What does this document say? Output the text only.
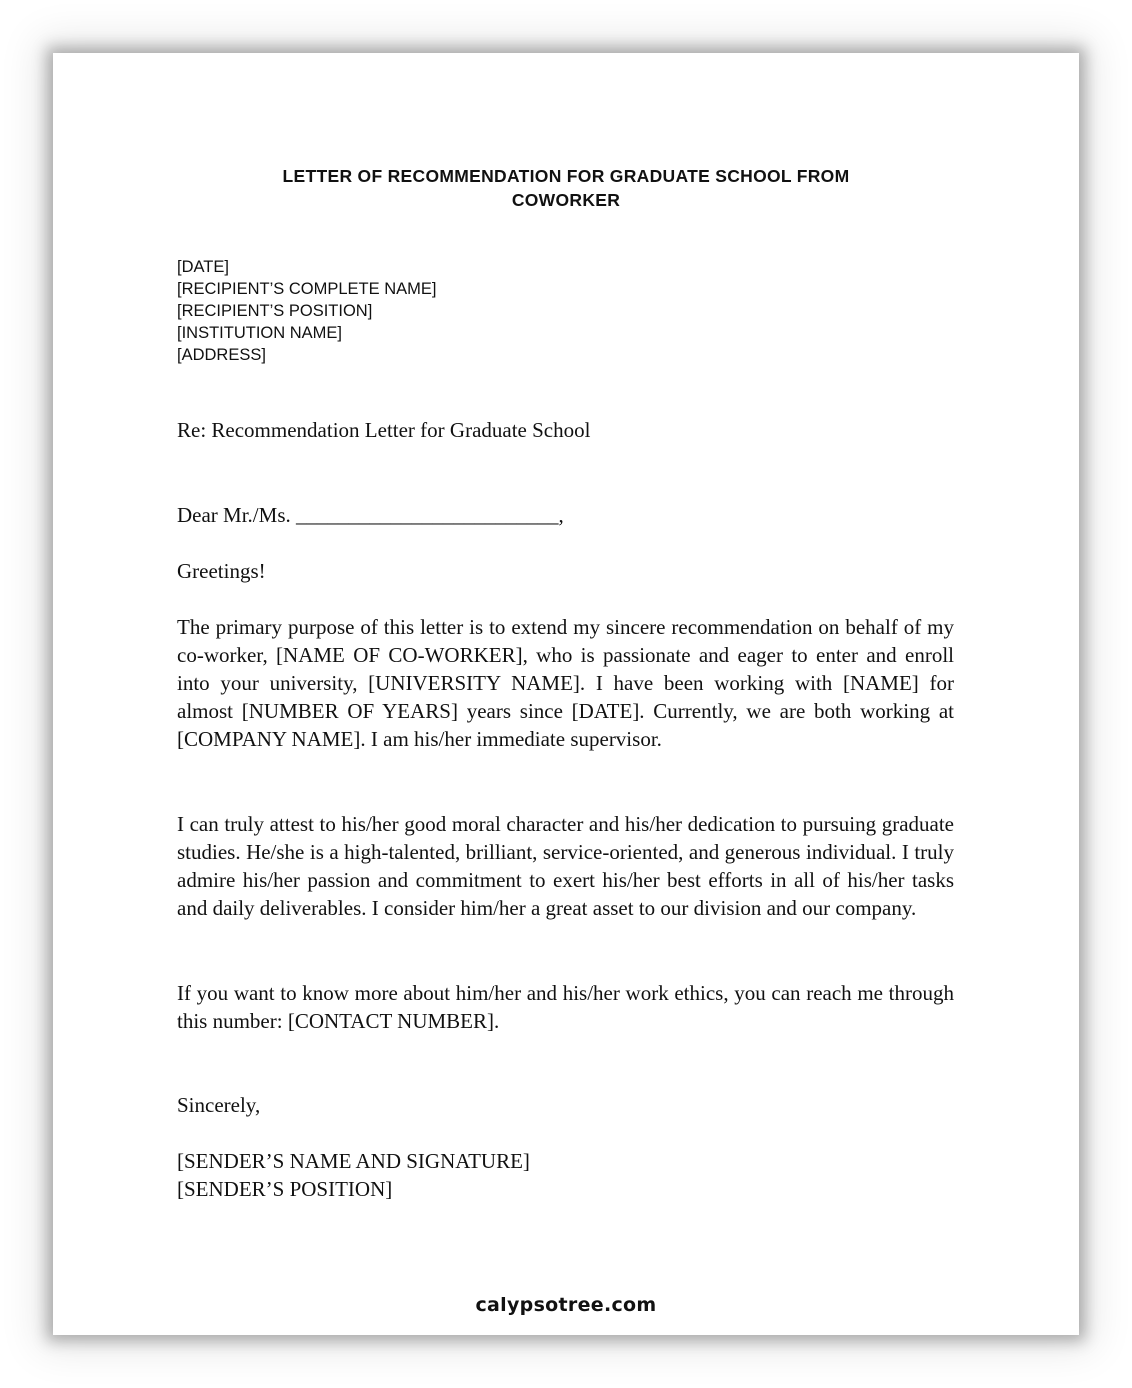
LETTER OF RECOMMENDATION FOR GRADUATE SCHOOL FROM
COWORKER
[DATE]
[RECIPIENT’S COMPLETE NAME]
[RECIPIENT’S POSITION]
[INSTITUTION NAME]
[ADDRESS]
Re: Recommendation Letter for Graduate School
Dear Mr./Ms. _________________________,
Greetings!
The primary purpose of this letter is to extend my sincere recommendation on behalf of my co-worker, [NAME OF CO-WORKER], who is passionate and eager to enter and enroll into your university, [UNIVERSITY NAME]. I have been working with [NAME] for almost [NUMBER OF YEARS] years since [DATE]. Currently, we are both working at [COMPANY NAME]. I am his/her immediate supervisor.
I can truly attest to his/her good moral character and his/her dedication to pursuing graduate studies. He/she is a high-talented, brilliant, service-oriented, and generous individual. I truly admire his/her passion and commitment to exert his/her best efforts in all of his/her tasks and daily deliverables. I consider him/her a great asset to our division and our company.
If you want to know more about him/her and his/her work ethics, you can reach me through this number: [CONTACT NUMBER].
Sincerely,
[SENDER’S NAME AND SIGNATURE]
[SENDER’S POSITION]
calypsotree.com
